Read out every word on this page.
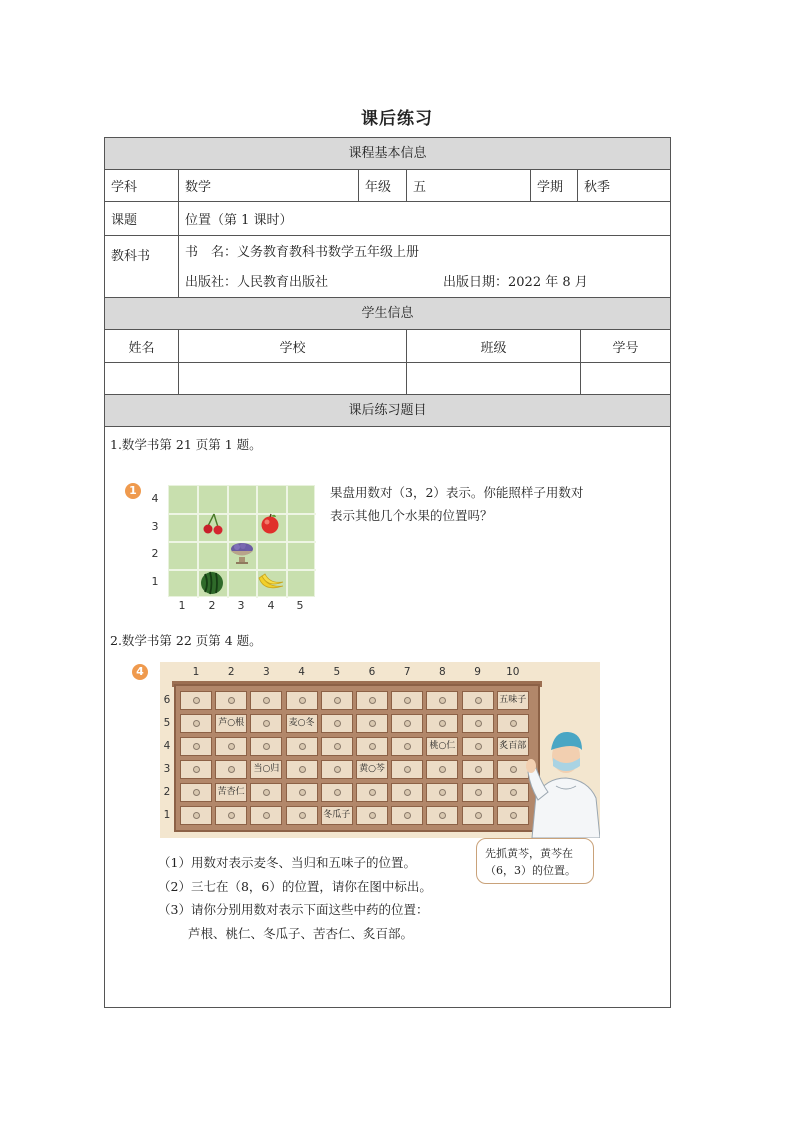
课后练习
课程基本信息
学科	数学	年级	五	学期	秋季
课题	位置（第 1 课时）
教科书	书　名：义务教育教科书数学五年级上册
出版社：人民教育出版社	出版日期：2022 年 8 月
学生信息
姓名	学校	班级	学号
课后练习题目
1.数学书第 21 页第 1 题。
1
4
3
2
1
1	2	3	4	5
果盘用数对（3，2）表示。你能照样子用数对表示其他几个水果的位置吗？
2.数学书第 22 页第 4 题。
4	1	2	3	4	5	6	7	8	9	10
6
5
4
3
2
1
五味子
芦○根	麦○冬
桃○仁	炙百部
当○归	黄○芩
苦杏仁
冬瓜子
先抓黄芩，黄芩在（6，3）的位置。
（1）用数对表示麦冬、当归和五味子的位置。
（2）三七在（8，6）的位置，请你在图中标出。
（3）请你分别用数对表示下面这些中药的位置：
芦根、桃仁、冬瓜子、苦杏仁、炙百部。
